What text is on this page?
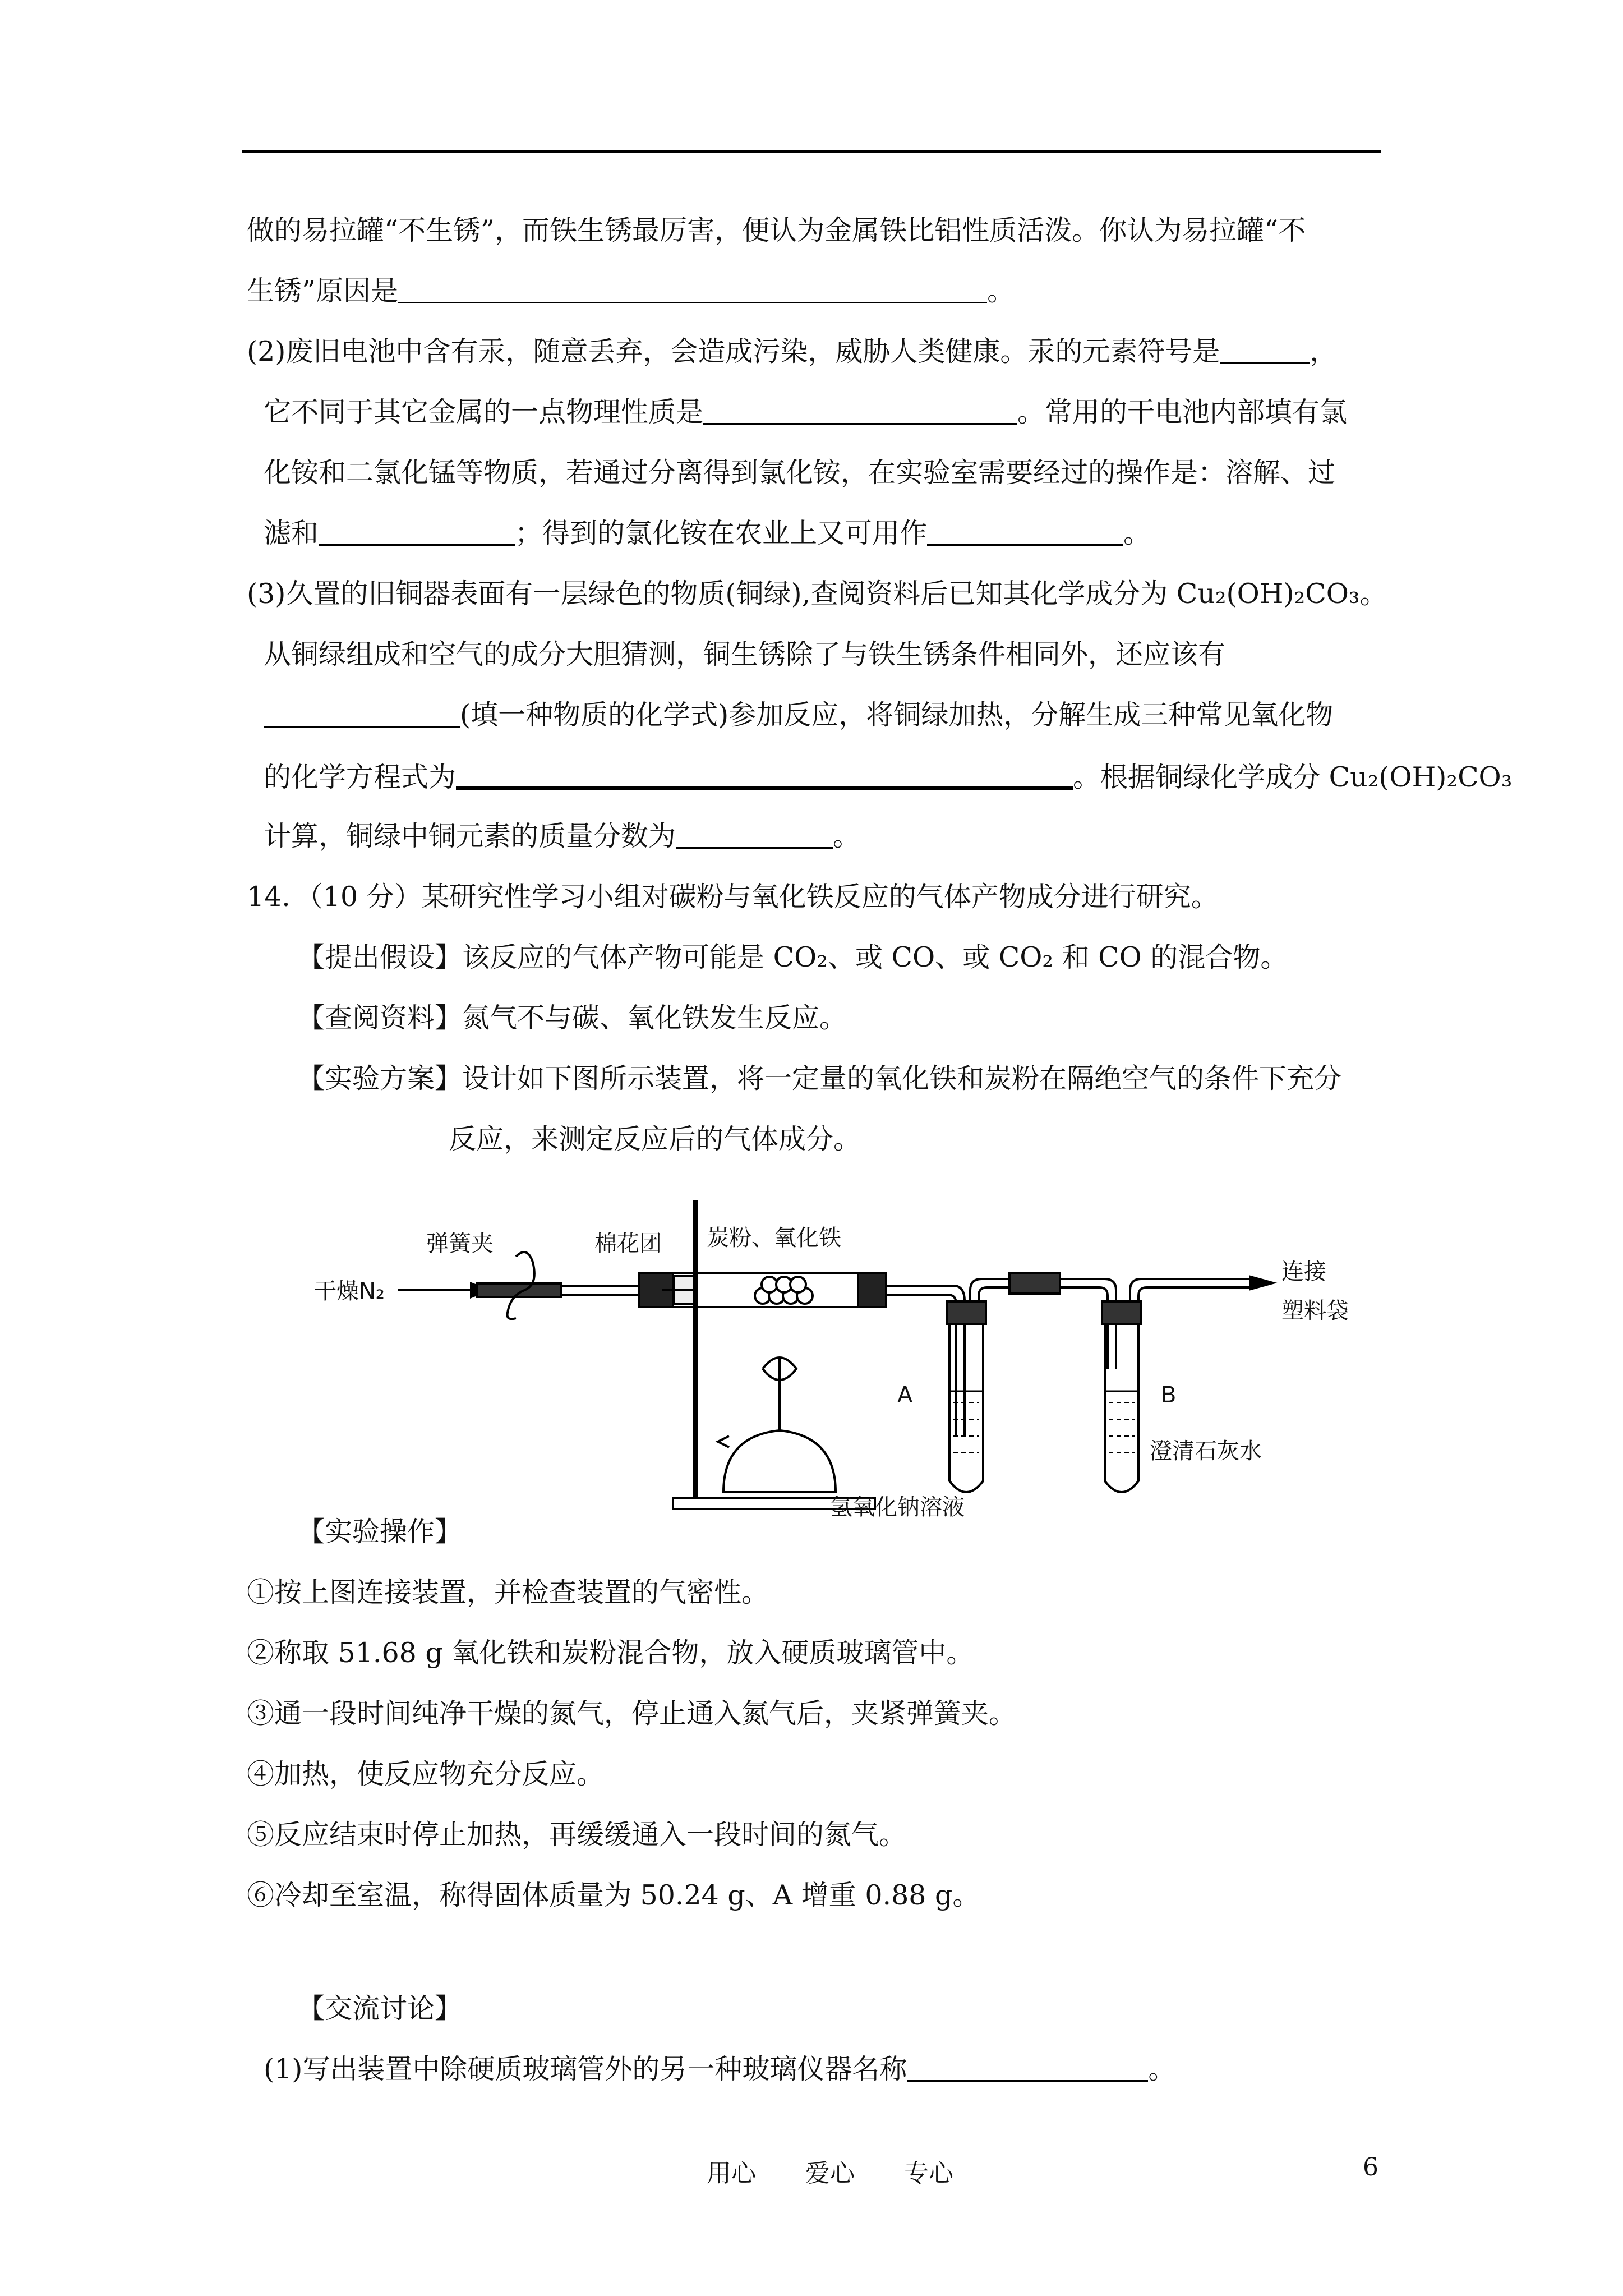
做的易拉罐“不生锈”，而铁生锈最厉害，便认为金属铁比铝性质活泼。你认为易拉罐“不
生锈”原因是	。
(2)废旧电池中含有汞，随意丢弃，会造成污染，威胁人类健康。汞的元素符号是	，
它不同于其它金属的一点物理性质是	。常用的干电池内部填有氯
化铵和二氯化锰等物质，若通过分离得到氯化铵，在实验室需要经过的操作是：溶解、过
滤和	；得到的氯化铵在农业上又可用作	。
(3)久置的旧铜器表面有一层绿色的物质(铜绿),查阅资料后已知其化学成分为 Cu₂(OH)₂CO₃。
从铜绿组成和空气的成分大胆猜测，铜生锈除了与铁生锈条件相同外，还应该有
(填一种物质的化学式)参加反应，将铜绿加热，分解生成三种常见氧化物
的化学方程式为	。根据铜绿化学成分 Cu₂(OH)₂CO₃
计算，铜绿中铜元素的质量分数为	。
14．（10 分）某研究性学习小组对碳粉与氧化铁反应的气体产物成分进行研究。
【提出假设】该反应的气体产物可能是 CO₂、或 CO、或 CO₂ 和 CO 的混合物。
【查阅资料】氮气不与碳、氧化铁发生反应。
【实验方案】设计如下图所示装置，将一定量的氧化铁和炭粉在隔绝空气的条件下充分
反应，来测定反应后的气体成分。
弹簧夹	棉花团 炭粉、氧化铁
干燥N₂
连接
塑料袋
A	B
澄清石灰水
氢氧化钠溶液
【实验操作】
①按上图连接装置，并检查装置的气密性。
②称取 51.68 g 氧化铁和炭粉混合物，放入硬质玻璃管中。
③通一段时间纯净干燥的氮气，停止通入氮气后，夹紧弹簧夹。
④加热，使反应物充分反应。
⑤反应结束时停止加热，再缓缓通入一段时间的氮气。
⑥冷却至室温，称得固体质量为 50.24 g、A 增重 0.88 g。
【交流讨论】
(1)写出装置中除硬质玻璃管外的另一种玻璃仪器名称	。
用心　　爱心　　专心	6
